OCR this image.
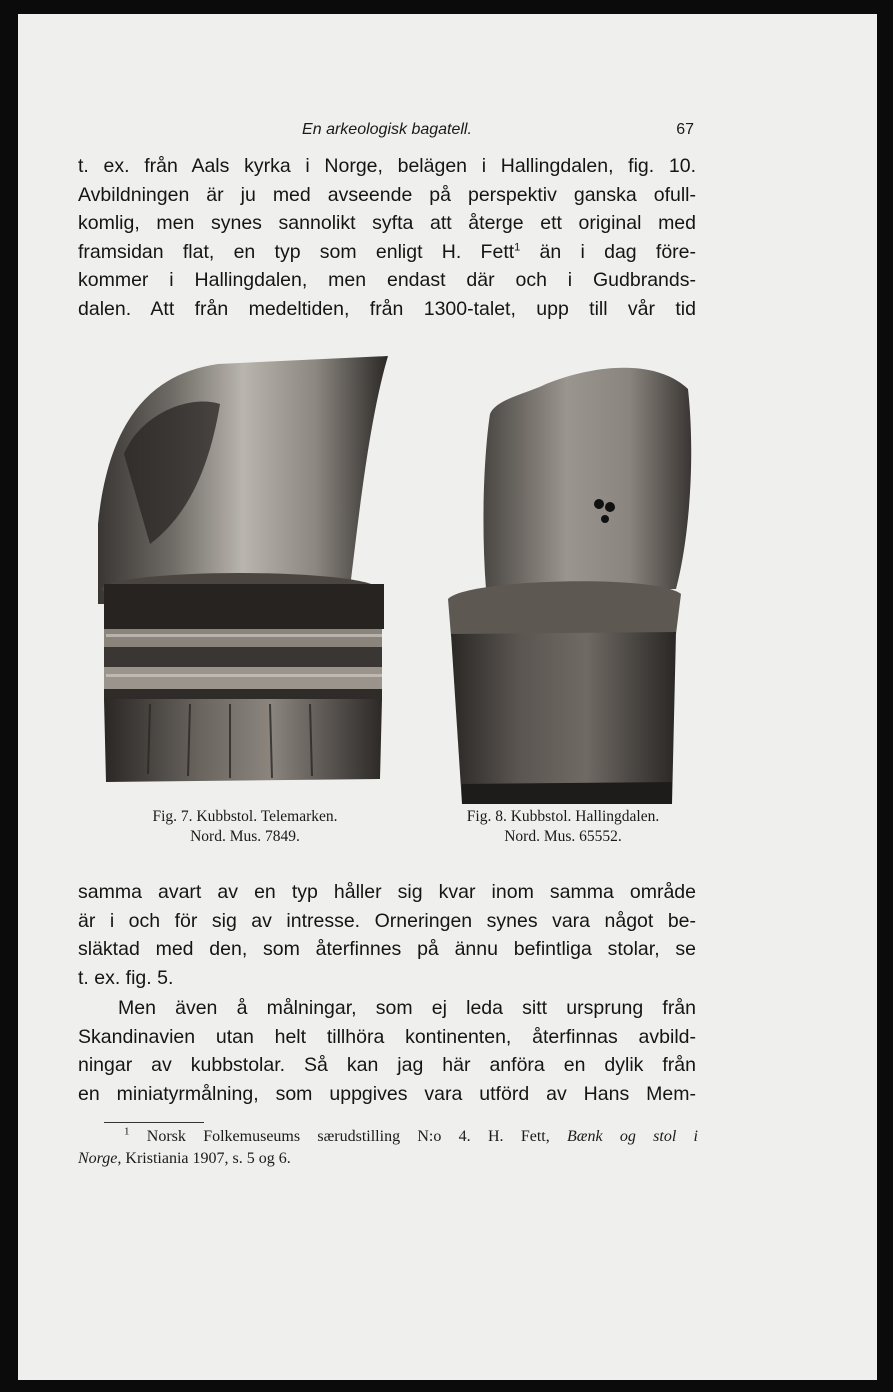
En arkeologisk bagatell.	67
t. ex. från Aals kyrka i Norge, belägen i Hallingdalen, fig. 10.
Avbildningen är ju med avseende på perspektiv ganska ofull-
komlig, men synes sannolikt syfta att återge ett original med
framsidan flat, en typ som enligt H. Fett$^1$ än i dag före-
kommer i Hallingdalen, men endast där och i Gudbrands-
dalen. Att från medeltiden, från 1300-talet, upp till vår tid
Fig. 7. Kubbstol. Telemarken.
Nord. Mus. 7849.
Fig. 8. Kubbstol. Hallingdalen.
Nord. Mus. 65552.
samma avart av en typ håller sig kvar inom samma område
är i och för sig av intresse. Orneringen synes vara något be-
släktad med den, som återfinnes på ännu befintliga stolar, se
t. ex. fig. 5.
Men även å målningar, som ej leda sitt ursprung från
Skandinavien utan helt tillhöra kontinenten, återfinnas avbild-
ningar av kubbstolar. Så kan jag här anföra en dylik från
en miniatyrmålning, som uppgives vara utförd av Hans Mem-
$^1$ Norsk Folkemuseums særudstilling N:o 4. H. Fett, Bænk og stol i
Norge, Kristiania 1907, s. 5 og 6.
